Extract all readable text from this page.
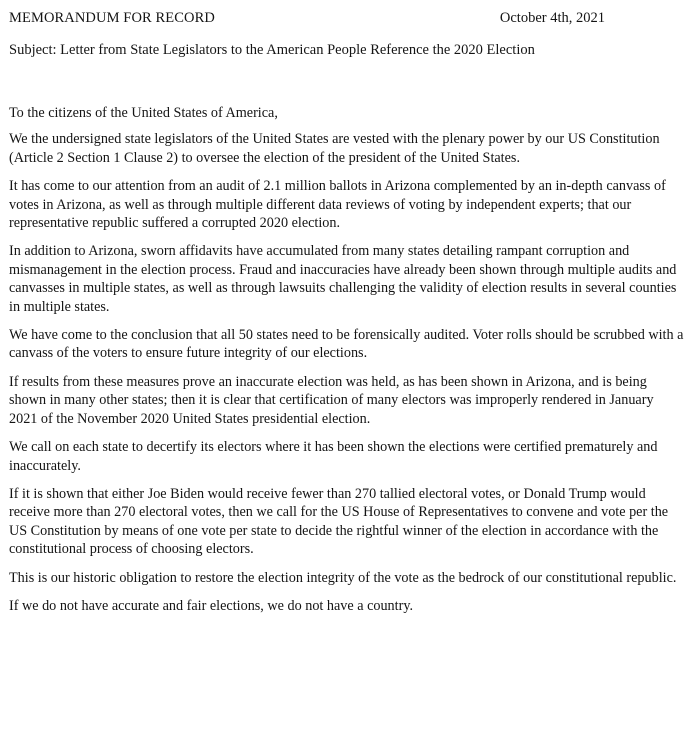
MEMORANDUM FOR RECORD	October 4th, 2021
Subject: Letter from State Legislators to the American People Reference the 2020 Election

To the citizens of the United States of America,

We the undersigned state legislators of the United States are vested with the plenary power by our US Constitution (Article 2 Section 1 Clause 2) to oversee the election of the president of the United States.

It has come to our attention from an audit of 2.1 million ballots in Arizona complemented by an in-depth canvass of votes in Arizona, as well as through multiple different data reviews of voting by independent experts; that our representative republic suffered a corrupted 2020 election.

In addition to Arizona, sworn affidavits have accumulated from many states detailing rampant corruption and mismanagement in the election process. Fraud and inaccuracies have already been shown through multiple audits and canvasses in multiple states, as well as through lawsuits challenging the validity of election results in several counties in multiple states.

We have come to the conclusion that all 50 states need to be forensically audited. Voter rolls should be scrubbed with a canvass of the voters to ensure future integrity of our elections.

If results from these measures prove an inaccurate election was held, as has been shown in Arizona, and is being shown in many other states; then it is clear that certification of many electors was improperly rendered in January 2021 of the November 2020 United States presidential election.

We call on each state to decertify its electors where it has been shown the elections were certified prematurely and inaccurately.

If it is shown that either Joe Biden would receive fewer than 270 tallied electoral votes, or Donald Trump would receive more than 270 electoral votes, then we call for the US House of Representatives to convene and vote per the US Constitution by means of one vote per state to decide the rightful winner of the election in accordance with the constitutional process of choosing electors.

This is our historic obligation to restore the election integrity of the vote as the bedrock of our constitutional republic.

If we do not have accurate and fair elections, we do not have a country.
